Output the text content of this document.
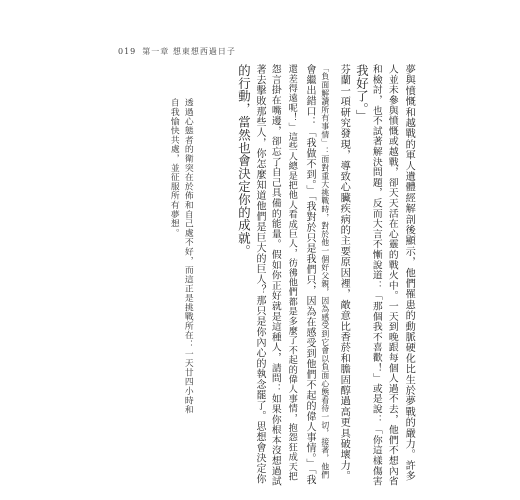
019 第一章 想東想西過日子
夢與憤慨和越戰的軍人遺體經解剖後顯示，他們罹患的動脈硬化比生於夢戰的嚴力。許多
人並未參與憤慨或越戰，卻天天活在心靈的戰火中。一天到晚跟每個人過不去，他們不想內省
和檢討，也不試著解決問題，反而大言不慚說道：「那個我不喜歡！」或是說：「你這樣傷害
我好了。」
芬蘭一項研究發現，導致心臟疾病的主要原因裡，敵意比香菸和膽固醇過高更具破壞力。
「負面解讀所有事情」：面對重大挑戰時，對於他一個好父親，因為感受到它會以負面心態看待一切，接著，他們
會繼出錯口：「我做不到。」「我對於只是我們只，因為在感受到他們不起的偉人事情。」「我
還差得遠呢！」這些人總是把他人看成巨人，彷彿他們都是多麼了不起的偉人事情，抱怨狂成天把
怨言掛在嘴邊，卻忘了自己具備的能量。假如你正好就是這種人，請問：如果你根本沒想過試
著去擊敗那些人，你怎麼知道他們是巨大的巨人？那只是你內心的執念罷了。思想會決定你
的行動，當然也會決定你的成就。
透過心態者的衛突在於佈和自己處不好，而這正是挑戰所在：一天廿四小時和
自我愉快共處，並征服所有夢想。
